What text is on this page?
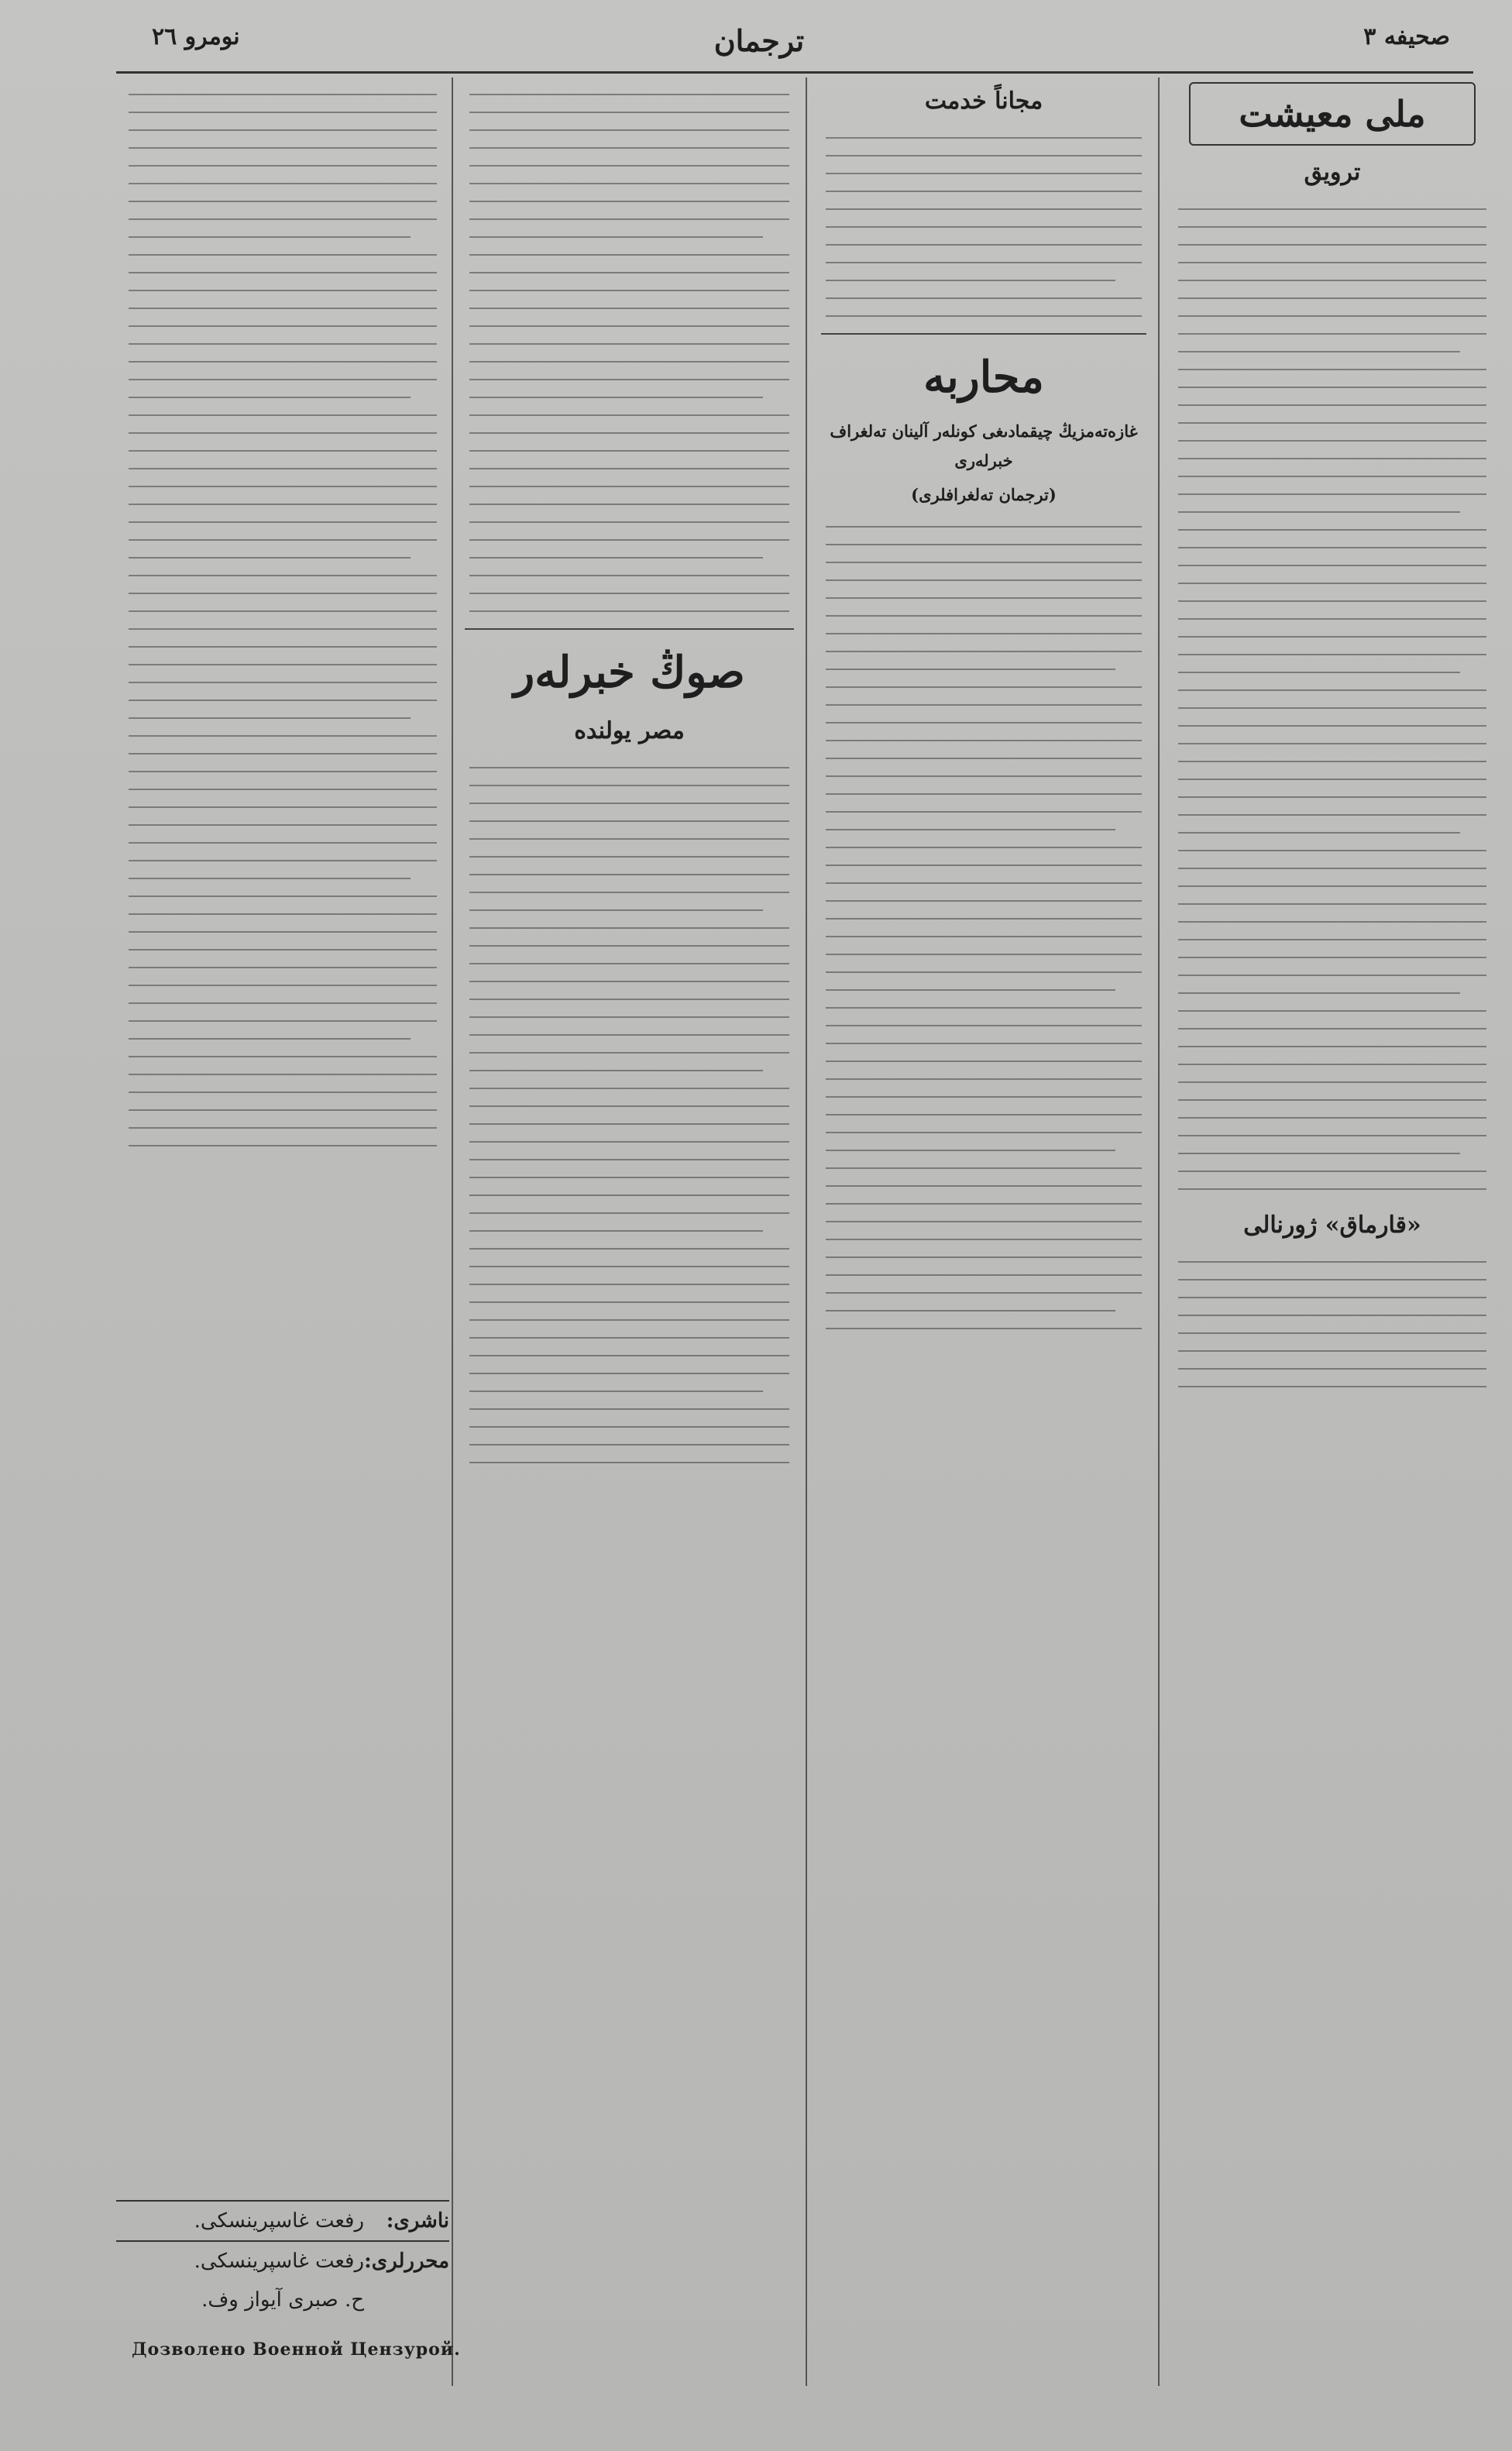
نومرو ٢٦	ترجمان	صحيفه ٣
ملى معيشت
ترويق
«قارماق» ژورنالى
مجاناً خدمت
محاربه
غازەتەمزيڭ چيقمادىغى كونلەر آلينان تەلغراف خبرلەرى
(ترجمان تەلغرافلرى)
صوڭ خبرلەر
مصر يولندە
ناشرى:
رفعت غاسپرينسكى.
محررلرى:
رفعت غاسپرينسكى.
ح. صبرى آيواز وف.
Дозволено Военной Цензурой.
